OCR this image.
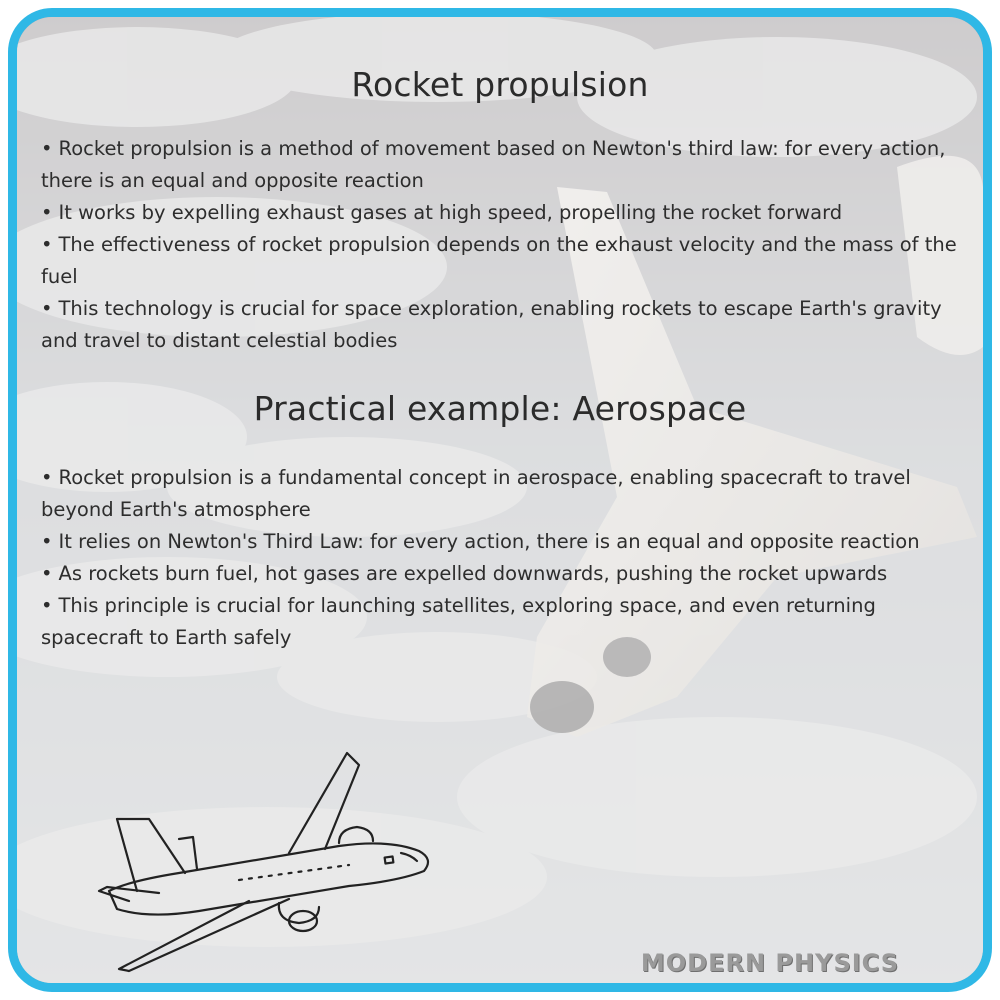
Rocket propulsion
• Rocket propulsion is a method of movement based on Newton's third law: for every action, there is an equal and opposite reaction
• It works by expelling exhaust gases at high speed, propelling the rocket forward
• The effectiveness of rocket propulsion depends on the exhaust velocity and the mass of the fuel
• This technology is crucial for space exploration, enabling rockets to escape Earth's gravity and travel to distant celestial bodies
Practical example: Aerospace
• Rocket propulsion is a fundamental concept in aerospace, enabling spacecraft to travel beyond Earth's atmosphere
• It relies on Newton's Third Law: for every action, there is an equal and opposite reaction
• As rockets burn fuel, hot gases are expelled downwards, pushing the rocket upwards
• This principle is crucial for launching satellites, exploring space, and even returning spacecraft to Earth safely
MODERN PHYSICS
